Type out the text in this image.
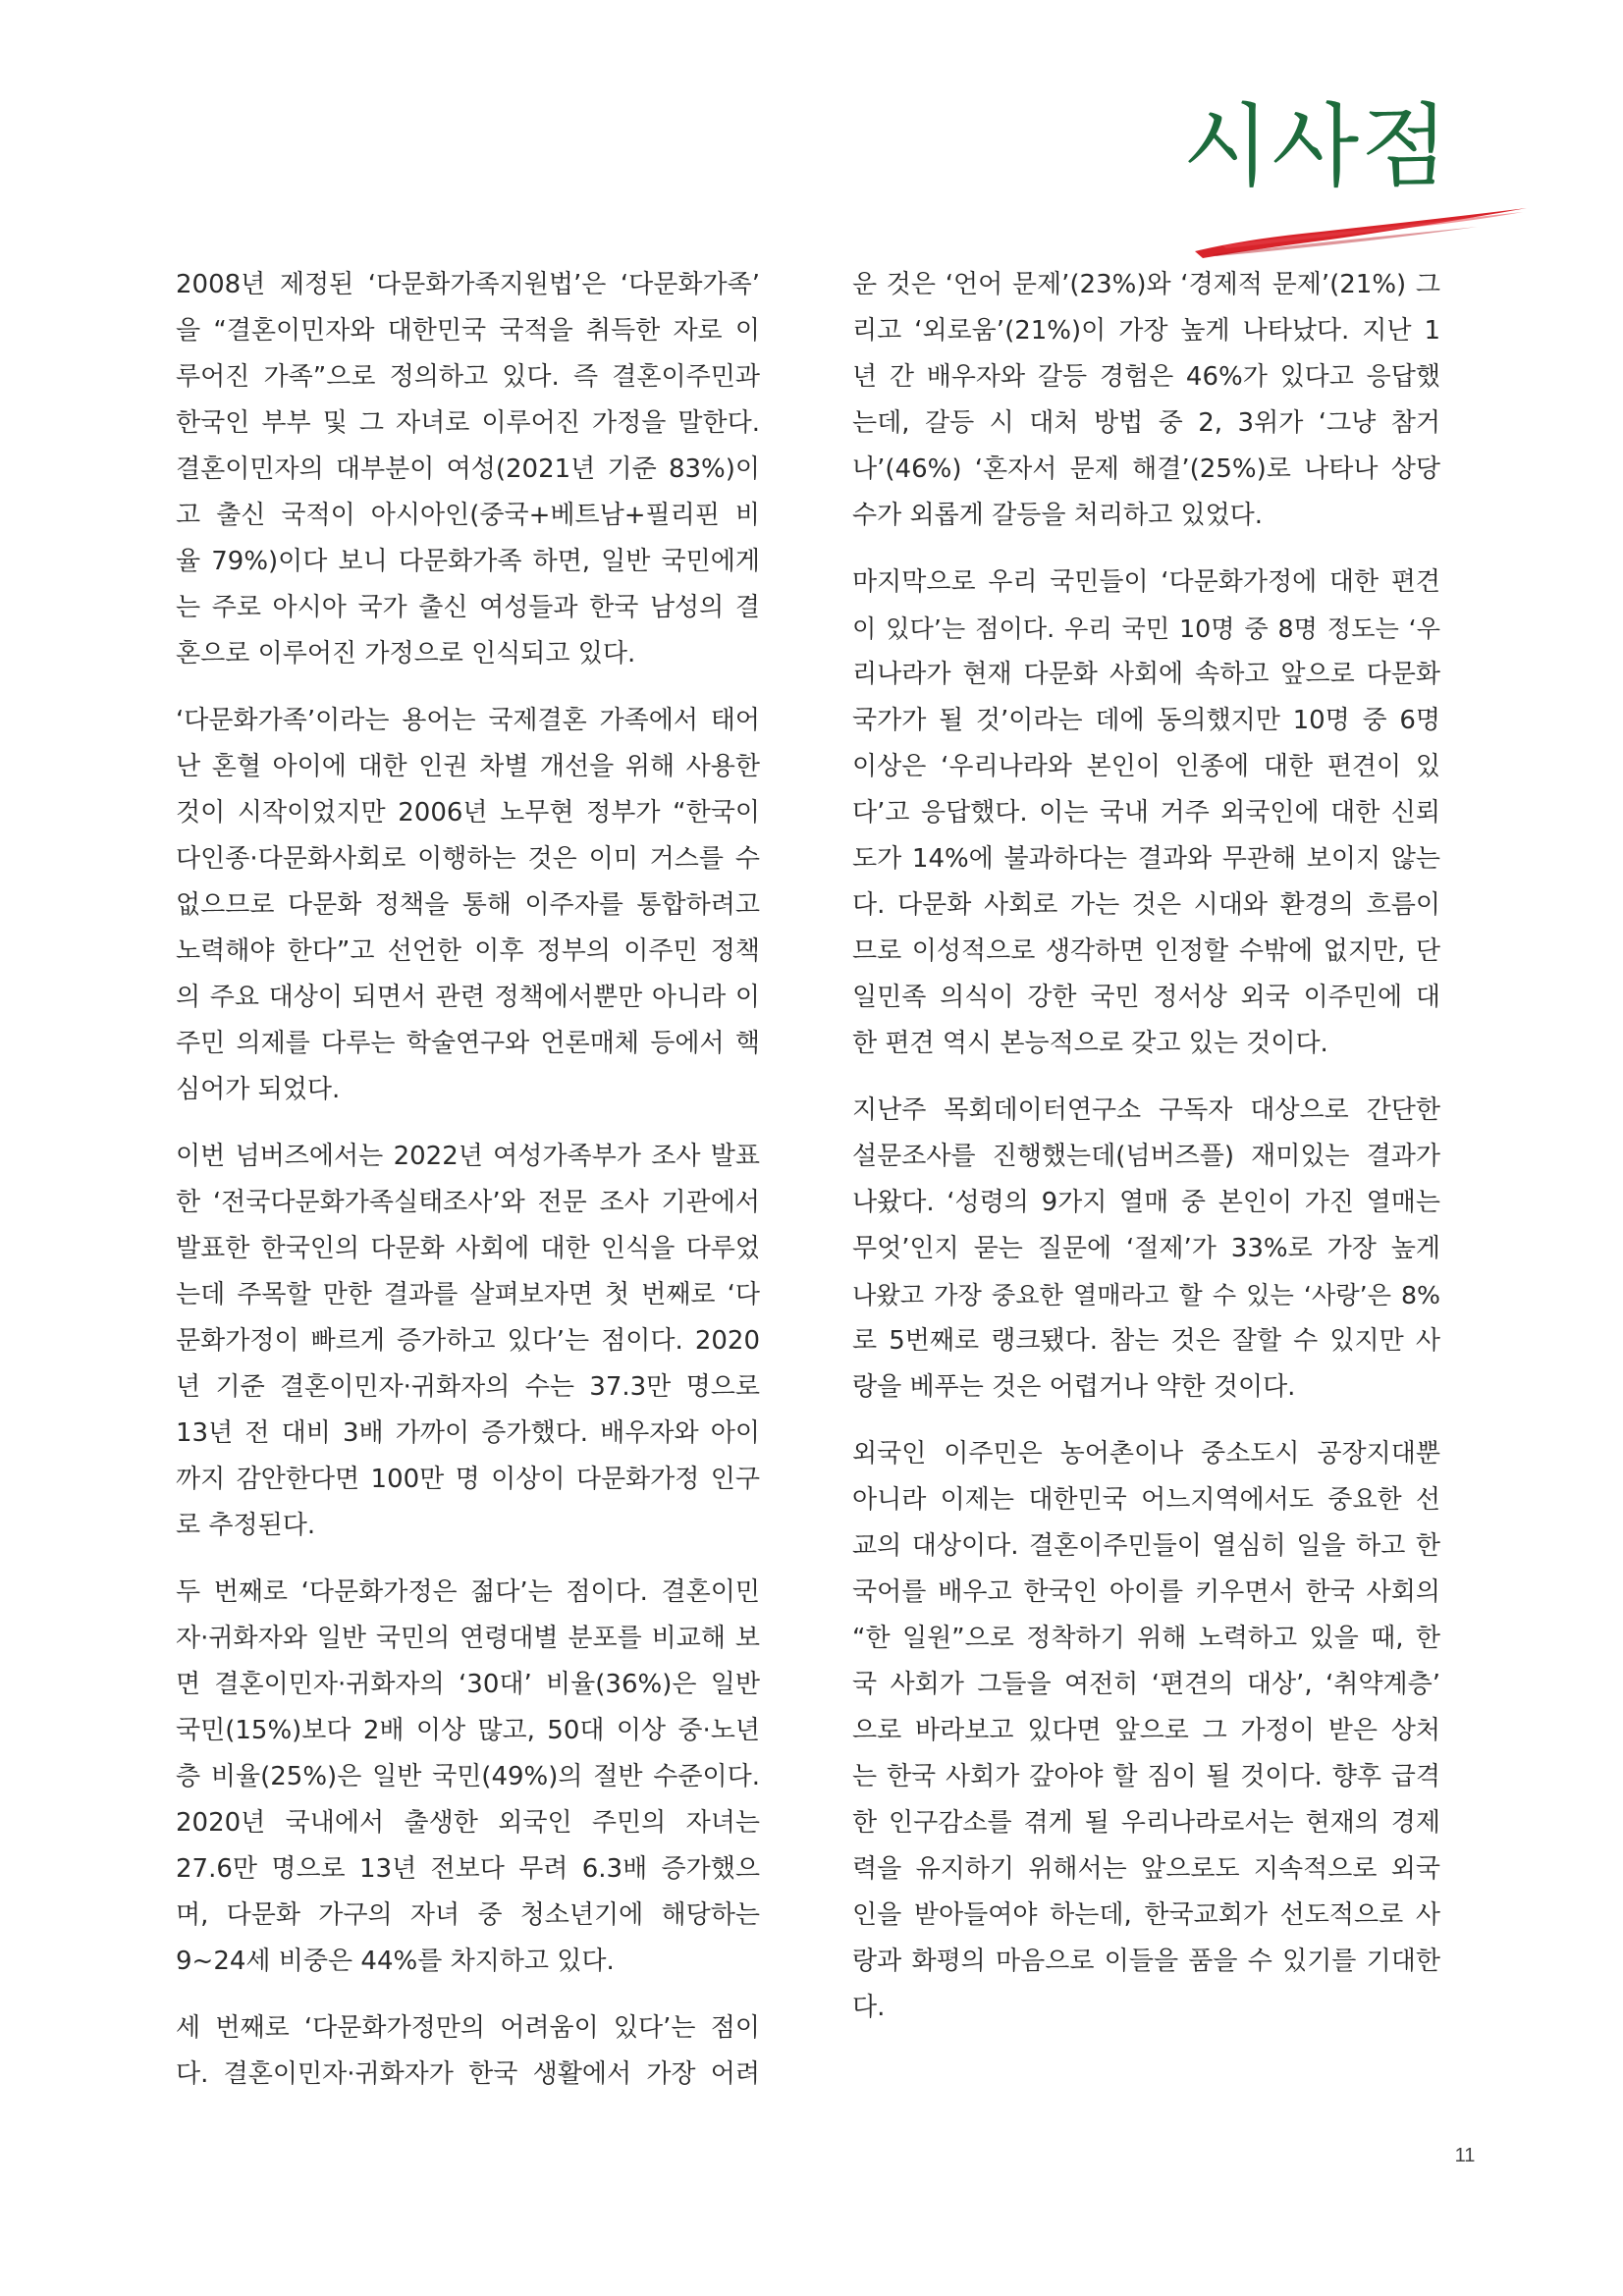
시사점
2008년 제정된 ‘다문화가족지원법’은 ‘다문화가족’
을 “결혼이민자와 대한민국 국적을 취득한 자로 이
루어진 가족”으로 정의하고 있다. 즉 결혼이주민과
한국인 부부 및 그 자녀로 이루어진 가정을 말한다.
결혼이민자의 대부분이 여성(2021년 기준 83%)이
고 출신 국적이 아시아인(중국+베트남+필리핀 비
율 79%)이다 보니 다문화가족 하면, 일반 국민에게
는 주로 아시아 국가 출신 여성들과 한국 남성의 결
혼으로 이루어진 가정으로 인식되고 있다.
‘다문화가족’이라는 용어는 국제결혼 가족에서 태어
난 혼혈 아이에 대한 인권 차별 개선을 위해 사용한
것이 시작이었지만 2006년 노무현 정부가 “한국이
다인종·다문화사회로 이행하는 것은 이미 거스를 수
없으므로 다문화 정책을 통해 이주자를 통합하려고
노력해야 한다”고 선언한 이후 정부의 이주민 정책
의 주요 대상이 되면서 관련 정책에서뿐만 아니라 이
주민 의제를 다루는 학술연구와 언론매체 등에서 핵
심어가 되었다.
이번 넘버즈에서는 2022년 여성가족부가 조사 발표
한 ‘전국다문화가족실태조사’와 전문 조사 기관에서
발표한 한국인의 다문화 사회에 대한 인식을 다루었
는데 주목할 만한 결과를 살펴보자면 첫 번째로 ‘다
문화가정이 빠르게 증가하고 있다’는 점이다. 2020
년 기준 결혼이민자·귀화자의 수는 37.3만 명으로
13년 전 대비 3배 가까이 증가했다. 배우자와 아이
까지 감안한다면 100만 명 이상이 다문화가정 인구
로 추정된다.
두 번째로 ‘다문화가정은 젊다’는 점이다. 결혼이민
자·귀화자와 일반 국민의 연령대별 분포를 비교해 보
면 결혼이민자·귀화자의 ‘30대’ 비율(36%)은 일반
국민(15%)보다 2배 이상 많고, 50대 이상 중·노년
층 비율(25%)은 일반 국민(49%)의 절반 수준이다.
2020년 국내에서 출생한 외국인 주민의 자녀는
27.6만 명으로 13년 전보다 무려 6.3배 증가했으
며, 다문화 가구의 자녀 중 청소년기에 해당하는
9~24세 비중은 44%를 차지하고 있다.
세 번째로 ‘다문화가정만의 어려움이 있다’는 점이
다. 결혼이민자·귀화자가 한국 생활에서 가장 어려
운 것은 ‘언어 문제’(23%)와 ‘경제적 문제’(21%) 그
리고 ‘외로움’(21%)이 가장 높게 나타났다. 지난 1
년 간 배우자와 갈등 경험은 46%가 있다고 응답했
는데, 갈등 시 대처 방법 중 2, 3위가 ‘그냥 참거
나’(46%) ‘혼자서 문제 해결’(25%)로 나타나 상당
수가 외롭게 갈등을 처리하고 있었다.
마지막으로 우리 국민들이 ‘다문화가정에 대한 편견
이 있다’는 점이다. 우리 국민 10명 중 8명 정도는 ‘우
리나라가 현재 다문화 사회에 속하고 앞으로 다문화
국가가 될 것’이라는 데에 동의했지만 10명 중 6명
이상은 ‘우리나라와 본인이 인종에 대한 편견이 있
다’고 응답했다. 이는 국내 거주 외국인에 대한 신뢰
도가 14%에 불과하다는 결과와 무관해 보이지 않는
다. 다문화 사회로 가는 것은 시대와 환경의 흐름이
므로 이성적으로 생각하면 인정할 수밖에 없지만, 단
일민족 의식이 강한 국민 정서상 외국 이주민에 대
한 편견 역시 본능적으로 갖고 있는 것이다.
지난주 목회데이터연구소 구독자 대상으로 간단한
설문조사를 진행했는데(넘버즈플) 재미있는 결과가
나왔다. ‘성령의 9가지 열매 중 본인이 가진 열매는
무엇’인지 묻는 질문에 ‘절제’가 33%로 가장 높게
나왔고 가장 중요한 열매라고 할 수 있는 ‘사랑’은 8%
로 5번째로 랭크됐다. 참는 것은 잘할 수 있지만 사
랑을 베푸는 것은 어렵거나 약한 것이다.
외국인 이주민은 농어촌이나 중소도시 공장지대뿐
아니라 이제는 대한민국 어느지역에서도 중요한 선
교의 대상이다. 결혼이주민들이 열심히 일을 하고 한
국어를 배우고 한국인 아이를 키우면서 한국 사회의
“한 일원”으로 정착하기 위해 노력하고 있을 때, 한
국 사회가 그들을 여전히 ‘편견의 대상’, ‘취약계층’
으로 바라보고 있다면 앞으로 그 가정이 받은 상처
는 한국 사회가 갚아야 할 짐이 될 것이다. 향후 급격
한 인구감소를 겪게 될 우리나라로서는 현재의 경제
력을 유지하기 위해서는 앞으로도 지속적으로 외국
인을 받아들여야 하는데, 한국교회가 선도적으로 사
랑과 화평의 마음으로 이들을 품을 수 있기를 기대한
다.
11
